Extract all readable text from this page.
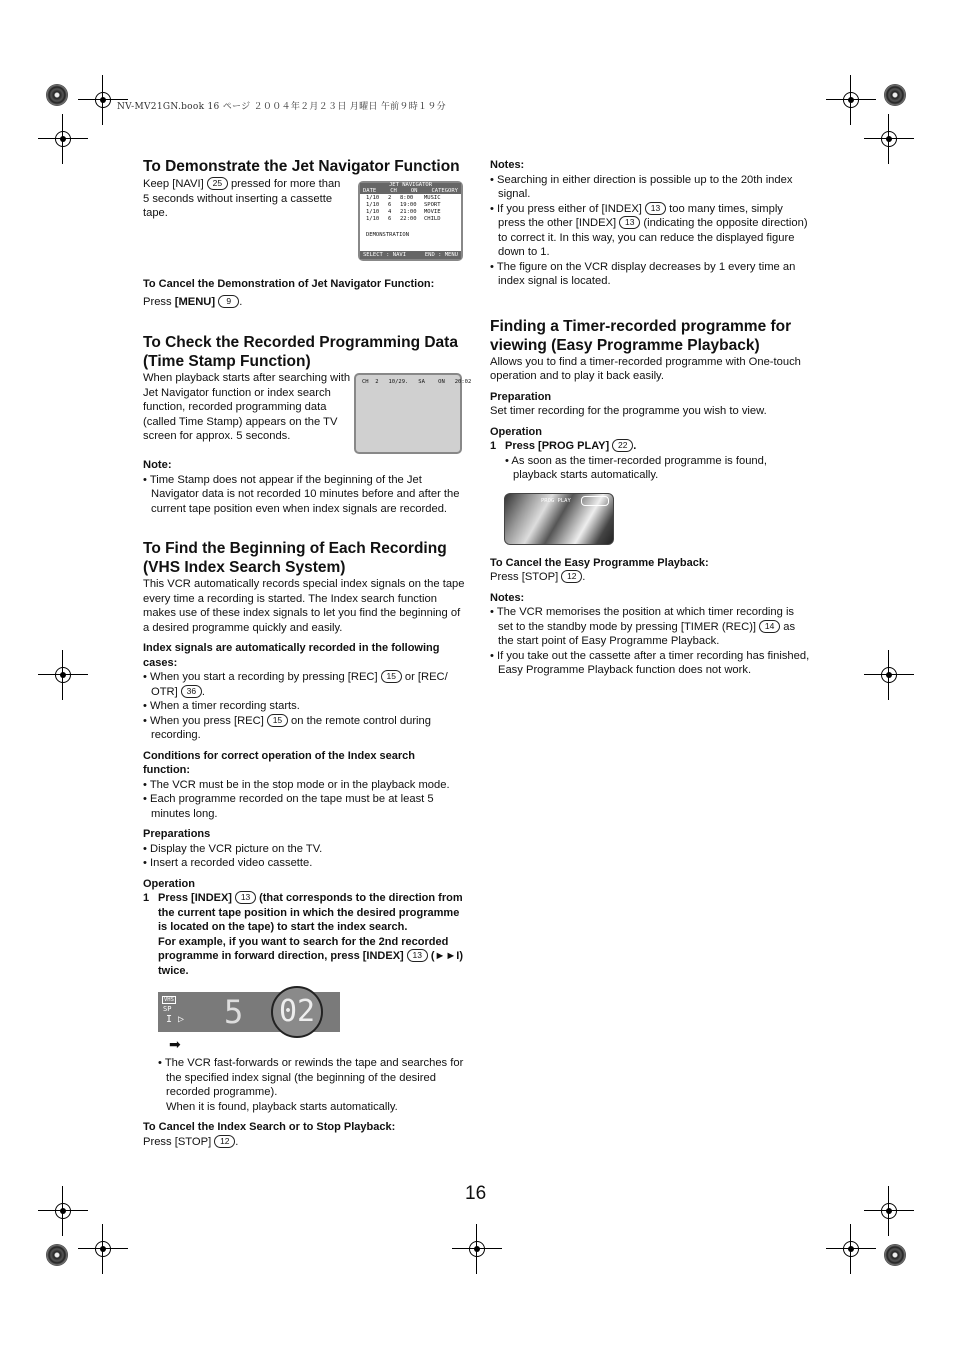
NV-MV21GN.book 16 ページ ２００４年２月２３日 月曜日 午前９時１９分
To Demonstrate the Jet Navigator Function

Keep [NAVI] 25 pressed for more than 5 seconds without inserting a cassette tape.

JET NAVIGATOR
DATE	CH	ON	CATEGORY
1/10	2	8:00	MUSIC
1/10	6	19:00	SPORT
1/10	4	21:00	MOVIE
1/10	6	22:00	CHILD
DEMONSTRATION
SELECT : NAVI	END : MENU

To Cancel the Demonstration of Jet Navigator Function:

Press [MENU] 9 .

To Check the Recorded Programming Data (Time Stamp Function)

When playback starts after searching with Jet Navigator function or index search function, recorded programming data (called Time Stamp) appears on the TV screen for approx. 5 seconds.

CH  2   10/29.   SA    ON   20:02

Note:

• Time Stamp does not appear if the beginning of the Jet Navigator data is not recorded 10 minutes before and after the current tape position even when index signals are recorded.
To Find the Beginning of Each Recording (VHS Index Search System)

This VCR automatically records special index signals on the tape every time a recording is started. The Index search function makes use of these index signals to let you find the beginning of a desired programme quickly and easily.

Index signals are automatically recorded in the following cases:

• When you start a recording by pressing [REC] 15 or [REC/ OTR] 36 .
• When a timer recording starts.
• When you press [REC] 15 on the remote control during recording.

Conditions for correct operation of the Index search function:

• The VCR must be in the stop mode or in the playback mode.
• Each programme recorded on the tape must be at least 5 minutes long.

Preparations

• Display the VCR picture on the TV.
• Insert a recorded video cassette.

Operation

1 Press [INDEX] 13 (that corresponds to the direction from the current tape position in which the desired programme is located on the tape) to start the index search.
For example, if you want to search for the 2nd recorded programme in forward direction, press [INDEX] 13 (►►I) twice.
VHS
SP
I ▷ 5 02
➡
• The VCR fast-forwards or rewinds the tape and searches for the specified index signal (the beginning of the desired recorded programme).

When it is found, playback starts automatically.

To Cancel the Index Search or to Stop Playback:

Press [STOP] 12 .

Notes:

• Searching in either direction is possible up to the 20th index signal.
• If you press either of [INDEX] 13 too many times, simply press the other [INDEX] 13 (indicating the opposite direction) to correct it. In this way, you can reduce the displayed figure down to 1.
• The figure on the VCR display decreases by 1 every time an index signal is located.
Finding a Timer-recorded programme for viewing (Easy Programme Playback)

Allows you to find a timer-recorded programme with One-touch operation and to play it back easily.

Preparation

Set timer recording for the programme you wish to view.

Operation

1 Press [PROG PLAY] 22 .
• As soon as the timer-recorded programme is found, playback starts automatically.
PROG PLAY

To Cancel the Easy Programme Playback:

Press [STOP] 12 .

Notes:

• The VCR memorises the position at which timer recording is set to the standby mode by pressing [TIMER (REC)] 14 as the start point of Easy Programme Playback.
• If you take out the cassette after a timer recording has finished, Easy Programme Playback function does not work.
16
